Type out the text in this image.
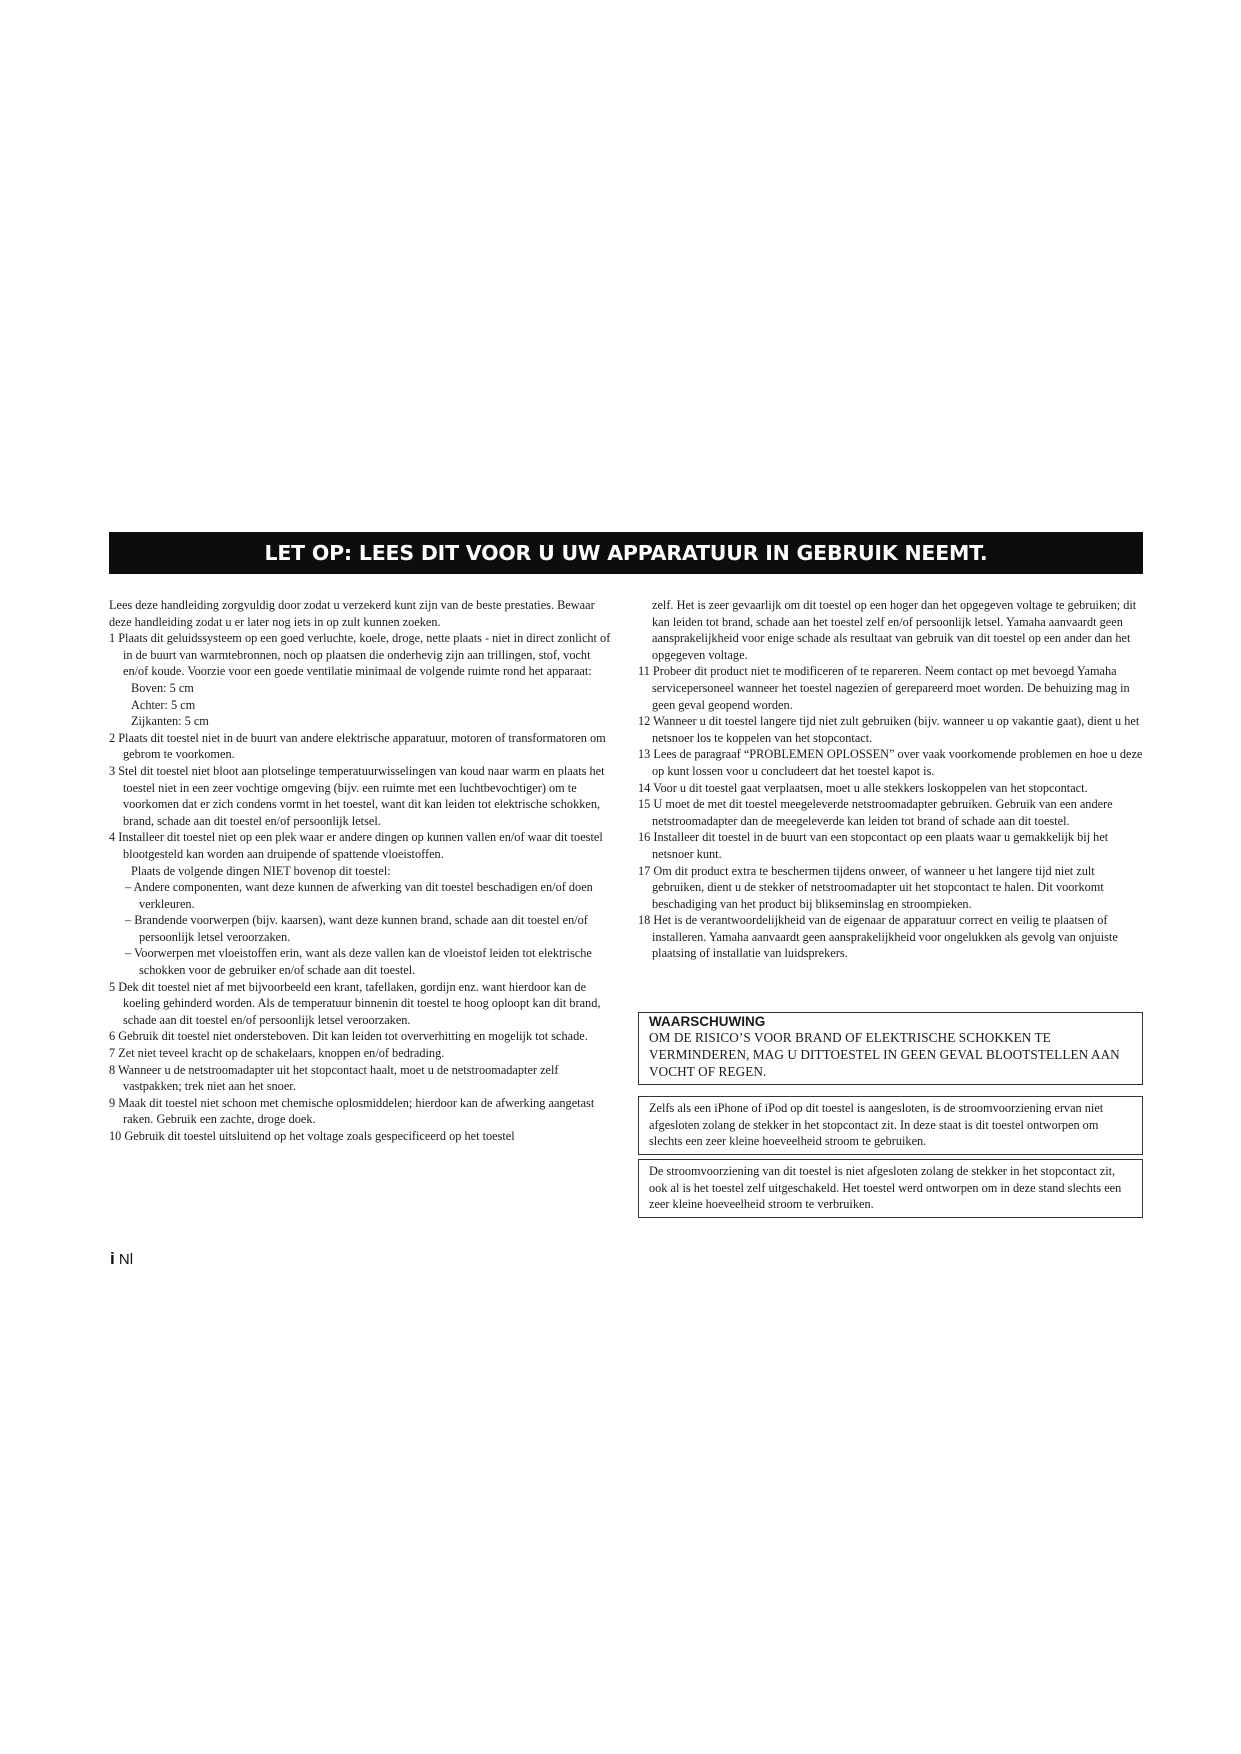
LET OP: LEES DIT VOOR U UW APPARATUUR IN GEBRUIK NEEMT.

Lees deze handleiding zorgvuldig door zodat u verzekerd kunt zijn van de beste prestaties. Bewaar deze handleiding zodat u er later nog iets in op zult kunnen zoeken.

1 Plaats dit geluidssysteem op een goed verluchte, koele, droge, nette plaats - niet in direct zonlicht of in de buurt van warmtebronnen, noch op plaatsen die onderhevig zijn aan trillingen, stof, vocht en/of koude. Voorzie voor een goede ventilatie minimaal de volgende ruimte rond het apparaat:

Boven: 5 cm

Achter: 5 cm

Zijkanten: 5 cm

2 Plaats dit toestel niet in de buurt van andere elektrische apparatuur, motoren of transformatoren om gebrom te voorkomen.

3 Stel dit toestel niet bloot aan plotselinge temperatuurwisselingen van koud naar warm en plaats het toestel niet in een zeer vochtige omgeving (bijv. een ruimte met een luchtbevochtiger) om te voorkomen dat er zich condens vormt in het toestel, want dit kan leiden tot elektrische schokken, brand, schade aan dit toestel en/of persoonlijk letsel.

4 Installeer dit toestel niet op een plek waar er andere dingen op kunnen vallen en/of waar dit toestel blootgesteld kan worden aan druipende of spattende vloeistoffen.

Plaats de volgende dingen NIET bovenop dit toestel:

– Andere componenten, want deze kunnen de afwerking van dit toestel beschadigen en/of doen verkleuren.

– Brandende voorwerpen (bijv. kaarsen), want deze kunnen brand, schade aan dit toestel en/of persoonlijk letsel veroorzaken.

– Voorwerpen met vloeistoffen erin, want als deze vallen kan de vloeistof leiden tot elektrische schokken voor de gebruiker en/of schade aan dit toestel.

5 Dek dit toestel niet af met bijvoorbeeld een krant, tafellaken, gordijn enz. want hierdoor kan de koeling gehinderd worden. Als de temperatuur binnenin dit toestel te hoog oploopt kan dit brand, schade aan dit toestel en/of persoonlijk letsel veroorzaken.

6 Gebruik dit toestel niet ondersteboven. Dit kan leiden tot oververhitting en mogelijk tot schade.

7 Zet niet teveel kracht op de schakelaars, knoppen en/of bedrading.

8 Wanneer u de netstroomadapter uit het stopcontact haalt, moet u de netstroomadapter zelf vastpakken; trek niet aan het snoer.

9 Maak dit toestel niet schoon met chemische oplosmiddelen; hierdoor kan de afwerking aangetast raken. Gebruik een zachte, droge doek.

10 Gebruik dit toestel uitsluitend op het voltage zoals gespecificeerd op het toestel

zelf. Het is zeer gevaarlijk om dit toestel op een hoger dan het opgegeven voltage te gebruiken; dit kan leiden tot brand, schade aan het toestel zelf en/of persoonlijk letsel. Yamaha aanvaardt geen aansprakelijkheid voor enige schade als resultaat van gebruik van dit toestel op een ander dan het opgegeven voltage.

11 Probeer dit product niet te modificeren of te repareren. Neem contact op met bevoegd Yamaha servicepersoneel wanneer het toestel nagezien of gerepareerd moet worden. De behuizing mag in geen geval geopend worden.

12 Wanneer u dit toestel langere tijd niet zult gebruiken (bijv. wanneer u op vakantie gaat), dient u het netsnoer los te koppelen van het stopcontact.

13 Lees de paragraaf “PROBLEMEN OPLOSSEN” over vaak voorkomende problemen en hoe u deze op kunt lossen voor u concludeert dat het toestel kapot is.

14 Voor u dit toestel gaat verplaatsen, moet u alle stekkers loskoppelen van het stopcontact.

15 U moet de met dit toestel meegeleverde netstroomadapter gebruiken. Gebruik van een andere netstroomadapter dan de meegeleverde kan leiden tot brand of schade aan dit toestel.

16 Installeer dit toestel in de buurt van een stopcontact op een plaats waar u gemakkelijk bij het netsnoer kunt.

17 Om dit product extra te beschermen tijdens onweer, of wanneer u het langere tijd niet zult gebruiken, dient u de stekker of netstroomadapter uit het stopcontact te halen. Dit voorkomt beschadiging van het product bij blikseminslag en stroompieken.

18 Het is de verantwoordelijkheid van de eigenaar de apparatuur correct en veilig te plaatsen of installeren. Yamaha aanvaardt geen aansprakelijkheid voor ongelukken als gevolg van onjuiste plaatsing of installatie van luidsprekers.

WAARSCHUWING

OM DE RISICO’S VOOR BRAND OF ELEKTRISCHE SCHOKKEN TE VERMINDEREN, MAG U DITTOESTEL IN GEEN GEVAL BLOOTSTELLEN AAN VOCHT OF REGEN.

Zelfs als een iPhone of iPod op dit toestel is aangesloten, is de stroomvoorziening ervan niet afgesloten zolang de stekker in het stopcontact zit. In deze staat is dit toestel ontworpen om slechts een zeer kleine hoeveelheid stroom te gebruiken.

De stroomvoorziening van dit toestel is niet afgesloten zolang de stekker in het stopcontact zit, ook al is het toestel zelf uitgeschakeld. Het toestel werd ontworpen om in deze stand slechts een zeer kleine hoeveelheid stroom te verbruiken.

i Nl
